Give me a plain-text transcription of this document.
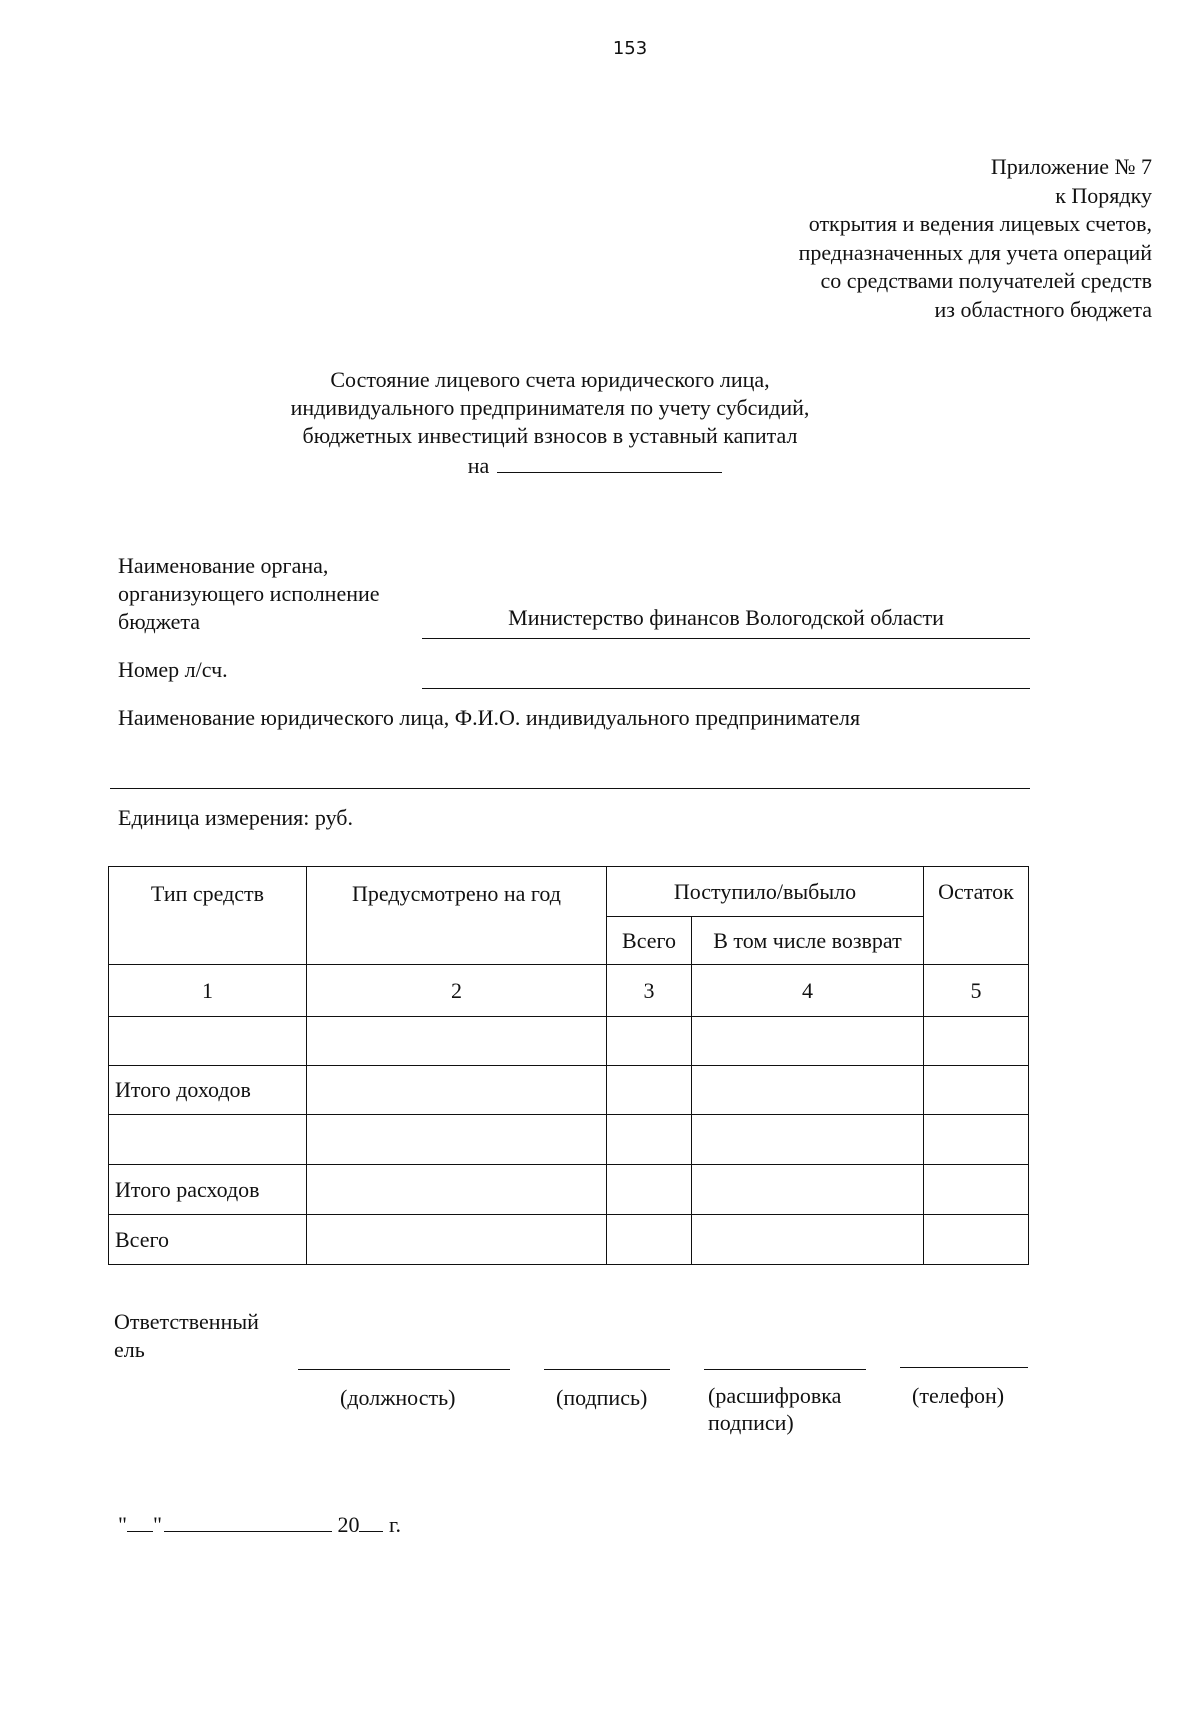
153
Приложение № 7
к Порядку
открытия и ведения лицевых счетов,
предназначенных для учета операций
со средствами получателей средств
из областного бюджета
Состояние лицевого счета юридического лица,
индивидуального предпринимателя по учету субсидий,
бюджетных инвестиций взносов в уставный капитал
на
Наименование органа,
организующего исполнение
бюджета	Министерство финансов Вологодской области
Номер л/сч.
Наименование юридического лица, Ф.И.О. индивидуального предпринимателя
Единица измерения: руб.
Тип средств	Предусмотрено на год	Поступило/выбыло		Остаток
		Всего	В том числе возврат	
1	2	3	4	5

Итого доходов				

Итого расходов				
Всего				
Ответственный
ель
(должность)	(подпись)	(расшифровка
подписи)
(телефон)
" "	20 г.
